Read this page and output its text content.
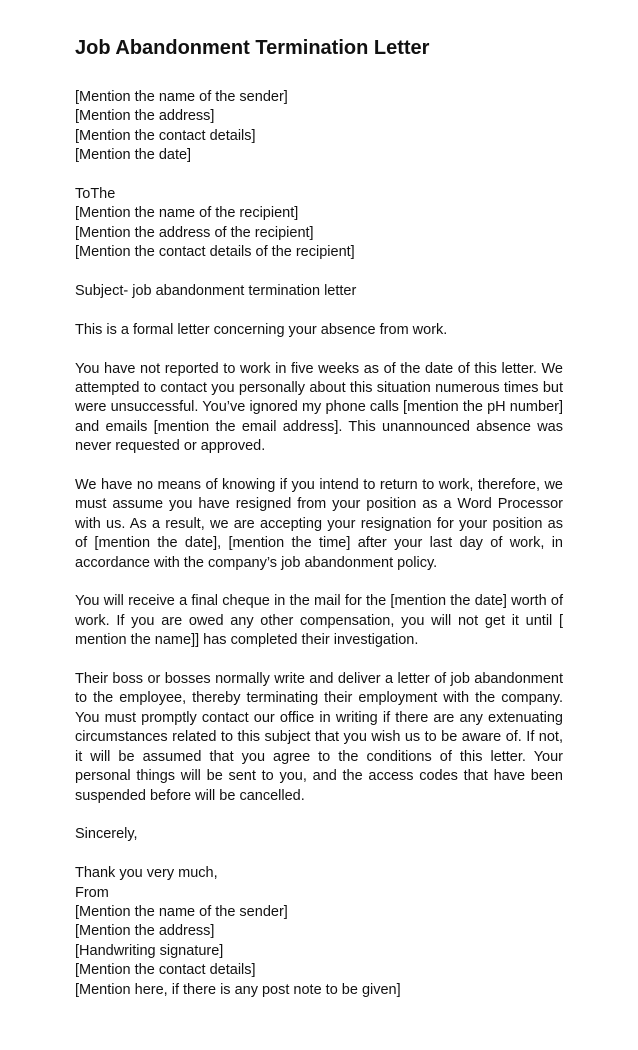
Job Abandonment Termination Letter
[Mention the name of the sender]
[Mention the address]
[Mention the contact details]
[Mention the date]
ToThe
[Mention the name of the recipient]
[Mention the address of the recipient]
[Mention the contact details of the recipient]
Subject- job abandonment termination letter
This is a formal letter concerning your absence from work.
You have not reported to work in five weeks as of the date of this letter. We attempted to contact you personally about this situation numerous times but were unsuccessful. You’ve ignored my phone calls [mention the pH number] and emails [mention the email address]. This unannounced absence was never requested or approved.
We have no means of knowing if you intend to return to work, therefore, we must assume you have resigned from your position as a Word Processor with us. As a result, we are accepting your resignation for your position as of [mention the date], [mention the time] after your last day of work, in accordance with the company’s job abandonment policy.
You will receive a final cheque in the mail for the [mention the date] worth of work. If you are owed any other compensation, you will not get it until [ mention the name]] has completed their investigation.
Their boss or bosses normally write and deliver a letter of job abandonment to the employee, thereby terminating their employment with the company. You must promptly contact our office in writing if there are any extenuating circumstances related to this subject that you wish us to be aware of. If not, it will be assumed that you agree to the conditions of this letter. Your personal things will be sent to you, and the access codes that have been suspended before will be cancelled.
Sincerely,
Thank you very much,
From
[Mention the name of the sender]
[Mention the address]
[Handwriting signature]
[Mention the contact details]
[Mention here, if there is any post note to be given]
